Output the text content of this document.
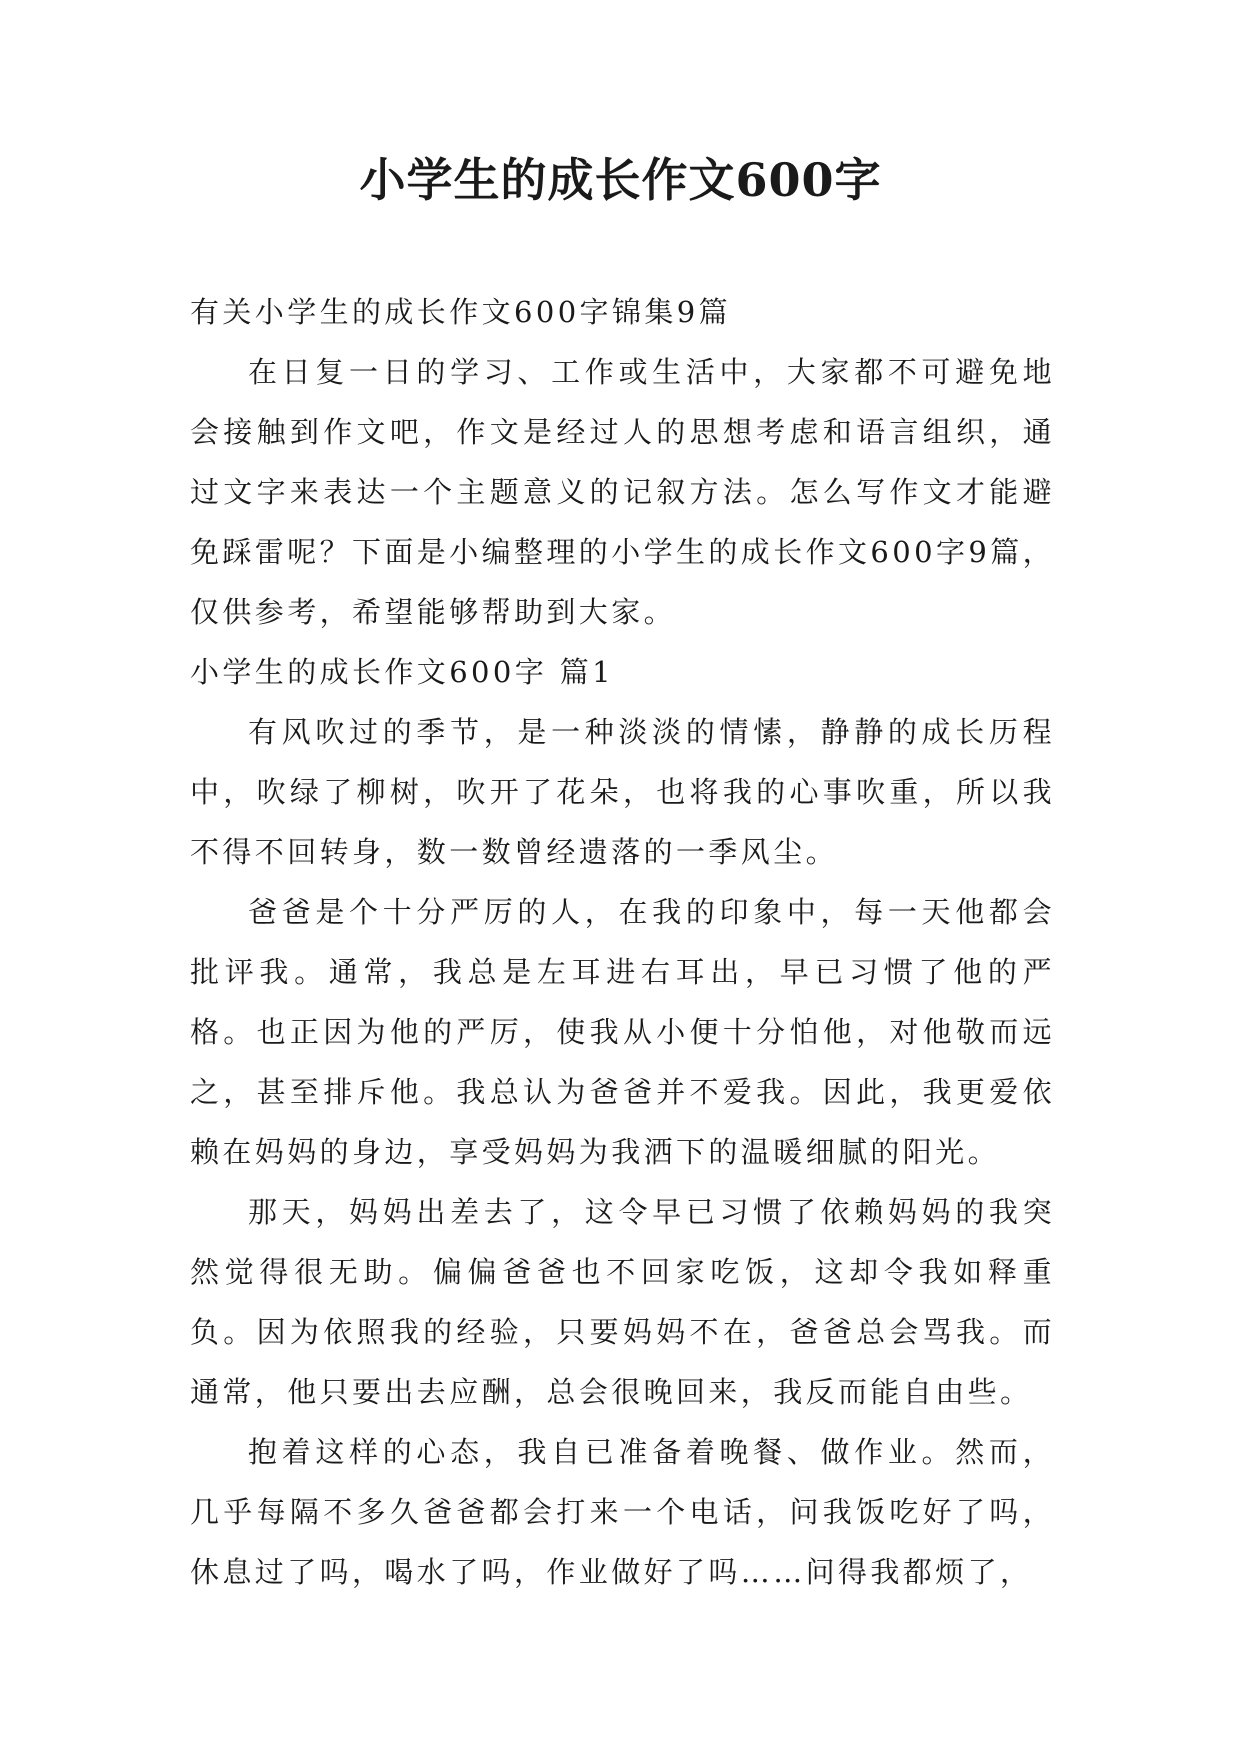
小学生的成长作文600字

有关小学生的成长作文600字锦集9篇

在日复一日的学习、工作或生活中，大家都不可避免地会接触到作文吧，作文是经过人的思想考虑和语言组织，通过文字来表达一个主题意义的记叙方法。怎么写作文才能避免踩雷呢？下面是小编整理的小学生的成长作文600字9篇，仅供参考，希望能够帮助到大家。

小学生的成长作文600字 篇1

有风吹过的季节，是一种淡淡的情愫，静静的成长历程中，吹绿了柳树，吹开了花朵，也将我的心事吹重，所以我不得不回转身，数一数曾经遗落的一季风尘。

爸爸是个十分严厉的人，在我的印象中，每一天他都会批评我。通常，我总是左耳进右耳出，早已习惯了他的严格。也正因为他的严厉，使我从小便十分怕他，对他敬而远之，甚至排斥他。我总认为爸爸并不爱我。因此，我更爱依赖在妈妈的身边，享受妈妈为我洒下的温暖细腻的阳光。

那天，妈妈出差去了，这令早已习惯了依赖妈妈的我突然觉得很无助。偏偏爸爸也不回家吃饭，这却令我如释重负。因为依照我的经验，只要妈妈不在，爸爸总会骂我。而通常，他只要出去应酬，总会很晚回来，我反而能自由些。

抱着这样的心态，我自已准备着晚餐、做作业。然而，几乎每隔不多久爸爸都会打来一个电话，问我饭吃好了吗，休息过了吗，喝水了吗，作业做好了吗……问得我都烦了，
